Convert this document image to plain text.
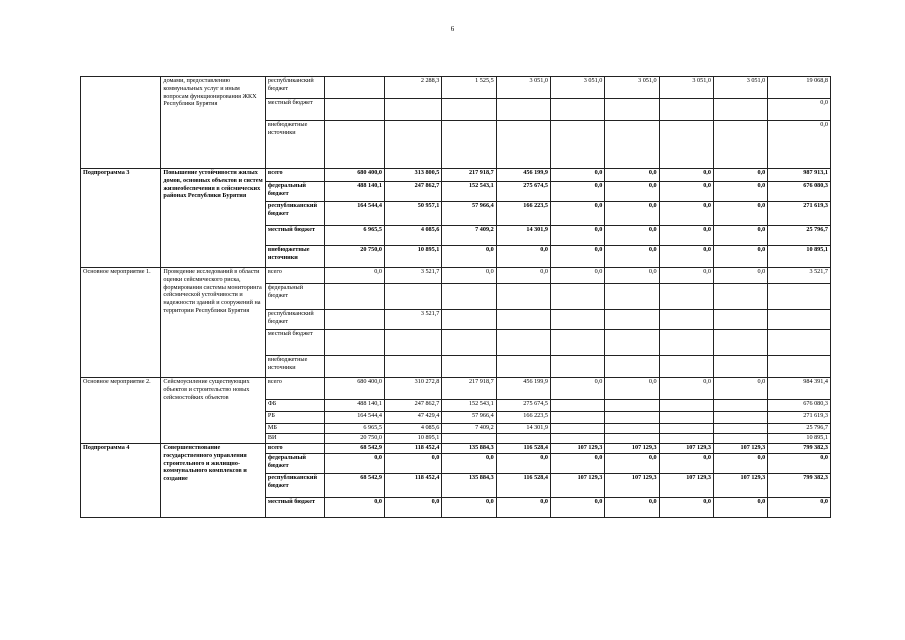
6
	домами, предоставлению коммунальных услуг и иным вопросам функционирования ЖКХ Республики Бурятия	республиканский бюджет		2 288,3	1 525,5	3 051,0	3 051,0	3 051,0	3 051,0	3 051,0	19 068,8
		местный бюджет									0,0
		внебюджетные источники									0,0
Подпрограмма 3	Повышение устойчивости жилых домов, основных объектов и систем жизнеобеспечения в сейсмических районах Республики Бурятия	всего	680 400,0	313 800,5	217 918,7	456 199,9	0,0	0,0	0,0	0,0	987 913,1
		федеральный бюджет	488 140,1	247 862,7	152 543,1	275 674,5	0,0	0,0	0,0	0,0	676 080,3
		республиканский бюджет	164 544,4	50 957,1	57 966,4	166 223,5	0,0	0,0	0,0	0,0	271 619,3
		местный бюджет	6 965,5	4 085,6	7 409,2	14 301,9	0,0	0,0	0,0	0,0	25 796,7
		внебюджетные источники	20 750,0	10 895,1	0,0	0,0	0,0	0,0	0,0	0,0	10 895,1
Основное мероприятие 1.	Проведение исследований в области оценки сейсмического риска, формирования системы мониторинга сейсмической устойчивости и надежности зданий и сооружений на территории Республики Бурятия	всего	0,0	3 521,7	0,0	0,0	0,0	0,0	0,0	0,0	3 521,7
		федеральный бюджет									
		республиканский бюджет		3 521,7							
		местный бюджет									
		внебюджетные источники									
Основное мероприятие 2.	Сейсмоусиление существующих объектов и строительство новых сейсмостойких объектов	всего	680 400,0	310 272,8	217 918,7	456 199,9	0,0	0,0	0,0	0,0	984 391,4
		ФБ	488 140,1	247 862,7	152 543,1	275 674,5					676 080,3
		РБ	164 544,4	47 429,4	57 966,4	166 223,5					271 619,3
		МБ	6 965,5	4 085,6	7 409,2	14 301,9					25 796,7
		ВИ	20 750,0	10 895,1							10 895,1
Подпрограмма 4	Совершенствование государственного управления строительного и жилищно-коммунального комплексов и создание	всего	68 542,9	118 452,4	135 884,3	116 528,4	107 129,3	107 129,3	107 129,3	107 129,3	799 382,3
		федеральный бюджет	0,0	0,0	0,0	0,0	0,0	0,0	0,0	0,0	0,0
		республиканский бюджет	68 542,9	118 452,4	135 884,3	116 528,4	107 129,3	107 129,3	107 129,3	107 129,3	799 382,3
		местный бюджет	0,0	0,0	0,0	0,0	0,0	0,0	0,0	0,0	0,0
